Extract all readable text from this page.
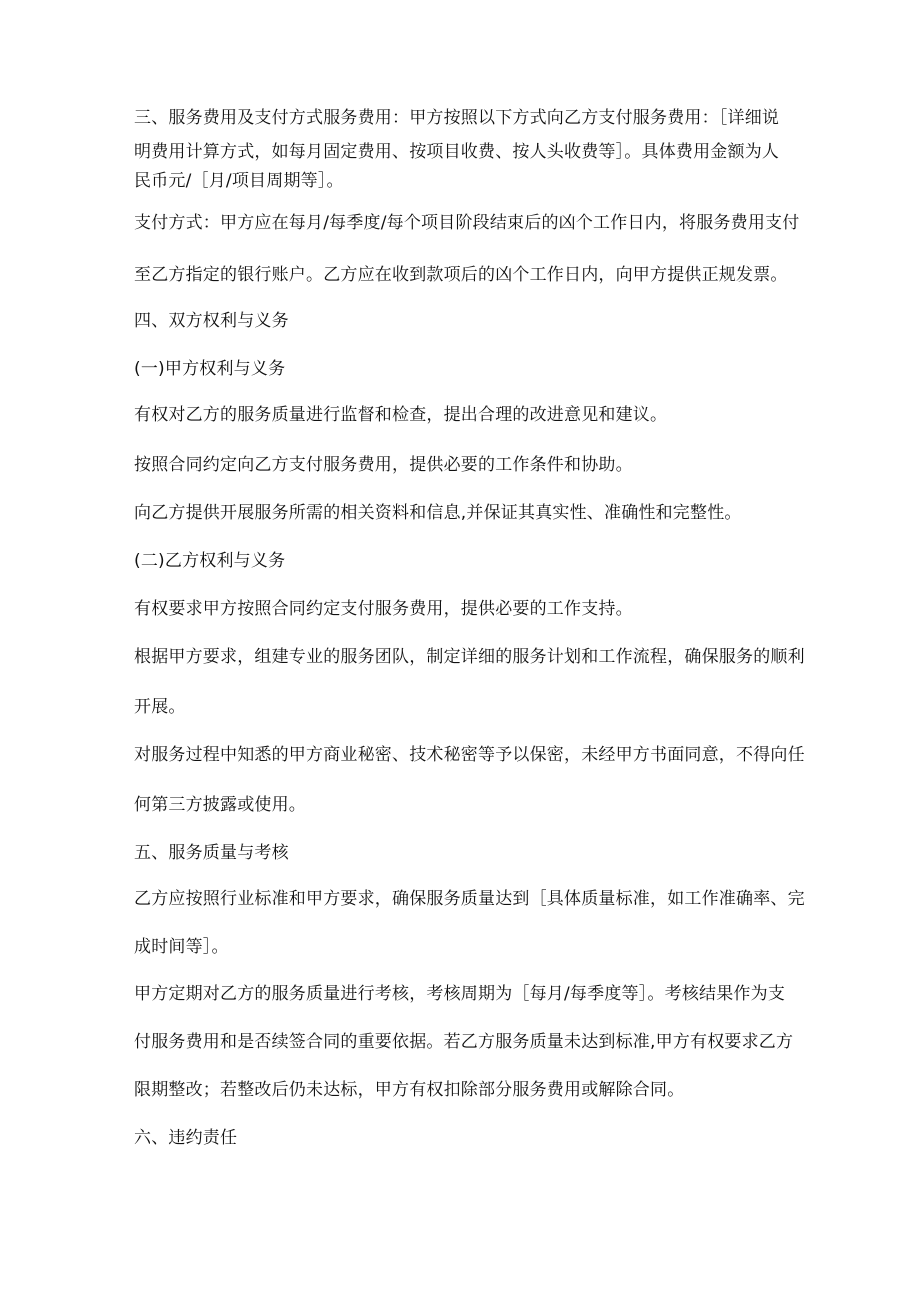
三、服务费用及支付方式服务费用：甲方按照以下方式向乙方支付服务费用：［详细说
明费用计算方式，如每月固定费用、按项目收费、按人头收费等］。具体费用金额为人
民币元/［月/项目周期等］。
支付方式：甲方应在每月/每季度/每个项目阶段结束后的凶个工作日内，将服务费用支付
至乙方指定的银行账户。乙方应在收到款项后的凶个工作日内，向甲方提供正规发票。
四、双方权利与义务
(一)甲方权利与义务
有权对乙方的服务质量进行监督和检查，提出合理的改进意见和建议。
按照合同约定向乙方支付服务费用，提供必要的工作条件和协助。
向乙方提供开展服务所需的相关资料和信息,并保证其真实性、准确性和完整性。
(二)乙方权利与义务
有权要求甲方按照合同约定支付服务费用，提供必要的工作支持。
根据甲方要求，组建专业的服务团队，制定详细的服务计划和工作流程，确保服务的顺利
开展。
对服务过程中知悉的甲方商业秘密、技术秘密等予以保密，未经甲方书面同意，不得向任
何第三方披露或使用。
五、服务质量与考核
乙方应按照行业标准和甲方要求，确保服务质量达到［具体质量标准，如工作准确率、完
成时间等］。
甲方定期对乙方的服务质量进行考核，考核周期为［每月/每季度等］。考核结果作为支
付服务费用和是否续签合同的重要依据。若乙方服务质量未达到标准,甲方有权要求乙方
限期整改；若整改后仍未达标，甲方有权扣除部分服务费用或解除合同。
六、违约责任
